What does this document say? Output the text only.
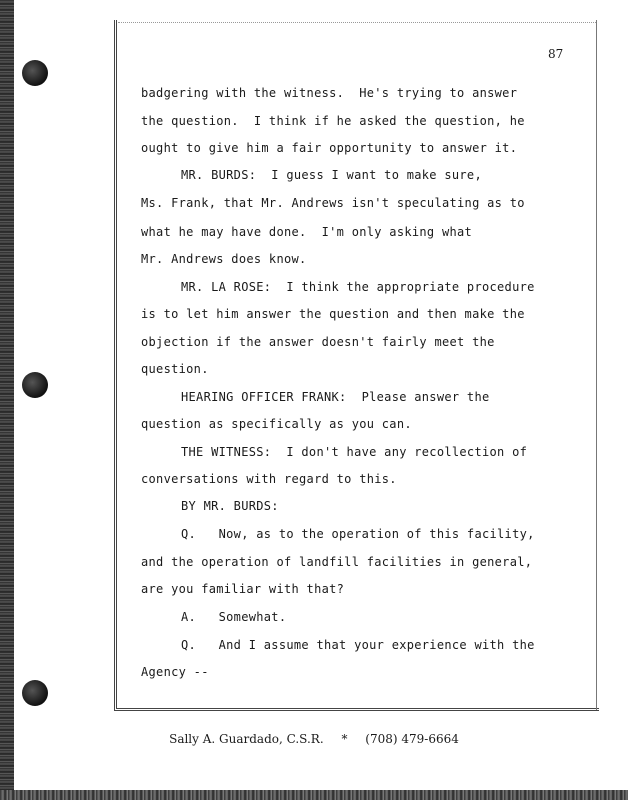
87
badgering with the witness.  He's trying to answer
the question.  I think if he asked the question, he
ought to give him a fair opportunity to answer it.
MR. BURDS:  I guess I want to make sure,
Ms. Frank, that Mr. Andrews isn't speculating as to
what he may have done.  I'm only asking what
Mr. Andrews does know.
MR. LA ROSE:  I think the appropriate procedure
is to let him answer the question and then make the
objection if the answer doesn't fairly meet the
question.
HEARING OFFICER FRANK:  Please answer the
question as specifically as you can.
THE WITNESS:  I don't have any recollection of
conversations with regard to this.
BY MR. BURDS:
Q.   Now, as to the operation of this facility,
and the operation of landfill facilities in general,
are you familiar with that?
A.   Somewhat.
Q.   And I assume that your experience with the
Agency --
Sally A. Guardado, C.S.R. * (708) 479-6664
